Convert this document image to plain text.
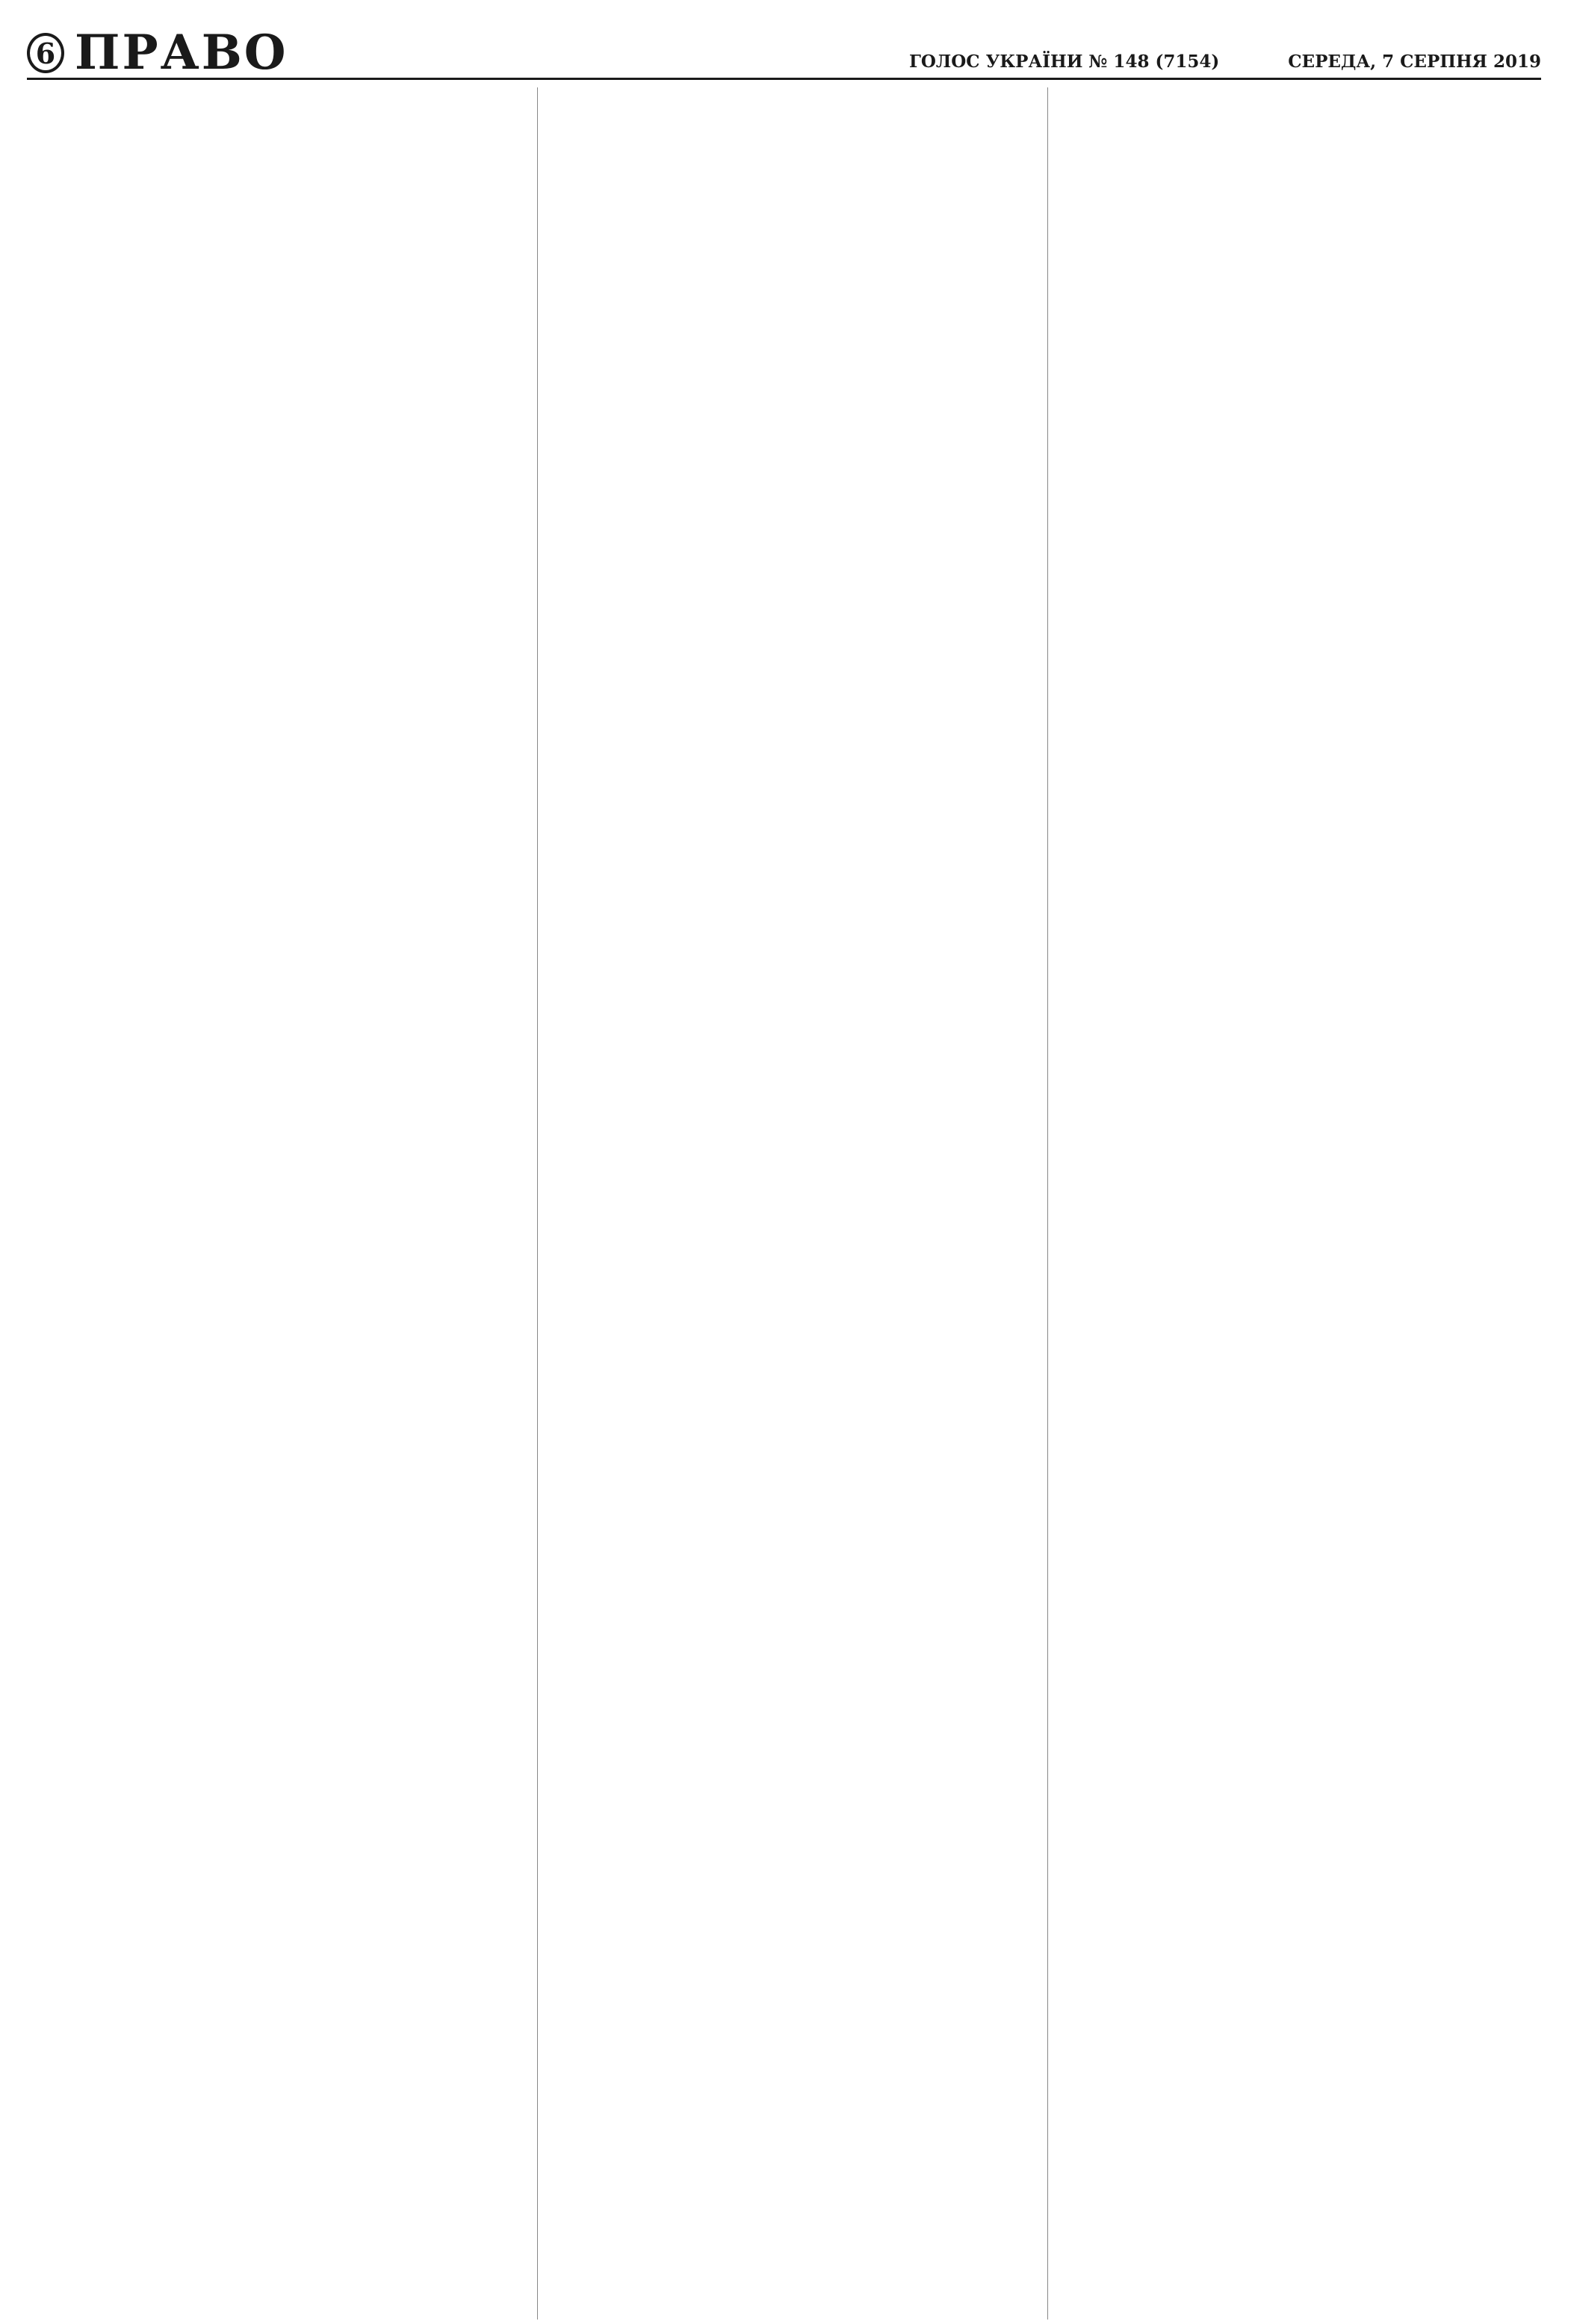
6 ПРАВО	ГОЛОС УКРАЇНИ № 148 (7154)	СЕРЕДА, 7 СЕРПНЯ 2019
